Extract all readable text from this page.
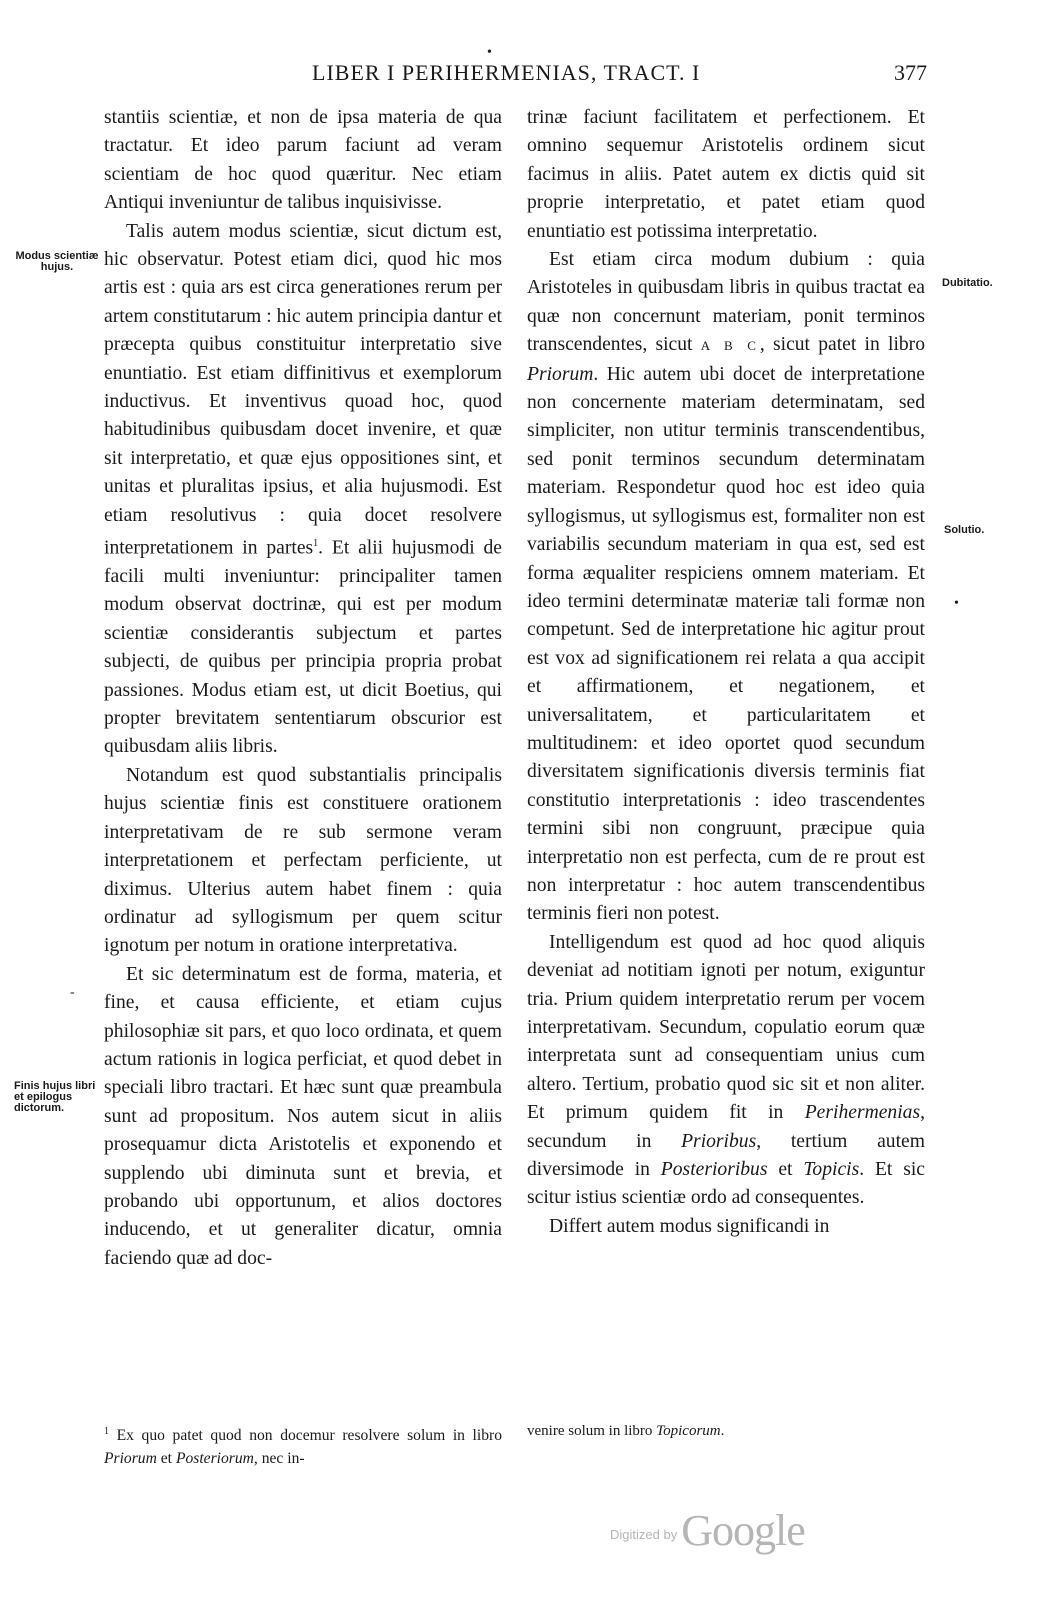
•
LIBER I PERIHERMENIAS, TRACT. I	377
Modus scientiæ hujus.
Finis hujus libri et epilogus dictorum.
Dubitatio.
Solutio.
-
•

stantiis scientiæ, et non de ipsa materia de qua tractatur. Et ideo parum faciunt ad veram scientiam de hoc quod quæritur. Nec etiam Antiqui inveniuntur de talibus inquisivisse.

Talis autem modus scientiæ, sicut dictum est, hic observatur. Potest etiam dici, quod hic mos artis est : quia ars est circa generationes rerum per artem constitutarum : hic autem principia dantur et præcepta quibus constituitur interpretatio sive enuntiatio. Est etiam diffinitivus et exemplorum inductivus. Et inventivus quoad hoc, quod habitudinibus quibusdam docet invenire, et quæ sit interpretatio, et quæ ejus oppositiones sint, et unitas et pluralitas ipsius, et alia hujusmodi. Est etiam resolutivus : quia docet resolvere interpretationem in partes$^1$. Et alii hujusmodi de facili multi inveniuntur: principaliter tamen modum observat doctrinæ, qui est per modum scientiæ considerantis subjectum et partes subjecti, de quibus per principia propria probat passiones. Modus etiam est, ut dicit Boetius, qui propter brevitatem sententiarum obscurior est quibusdam aliis libris.

Notandum est quod substantialis principalis hujus scientiæ finis est constituere orationem interpretativam de re sub sermone veram interpretationem et perfectam perficiente, ut diximus. Ulterius autem habet finem : quia ordinatur ad syllogismum per quem scitur ignotum per notum in oratione interpretativa.

Et sic determinatum est de forma, materia, et fine, et causa efficiente, et etiam cujus philosophiæ sit pars, et quo loco ordinata, et quem actum rationis in logica perficiat, et quod debet in speciali libro tractari. Et hæc sunt quæ preambula sunt ad propositum. Nos autem sicut in aliis prosequamur dicta Aristotelis et exponendo et supplendo ubi diminuta sunt et brevia, et probando ubi opportunum, et alios doctores inducendo, et ut generaliter dicatur, omnia faciendo quæ ad doc-

trinæ faciunt facilitatem et perfectionem. Et omnino sequemur Aristotelis ordinem sicut facimus in aliis. Patet autem ex dictis quid sit proprie interpretatio, et patet etiam quod enuntiatio est potissima interpretatio.

Est etiam circa modum dubium : quia Aristoteles in quibusdam libris in quibus tractat ea quæ non concernunt materiam, ponit terminos transcendentes, sicut A B C, sicut patet in libro Priorum. Hic autem ubi docet de interpretatione non concernente materiam determinatam, sed simpliciter, non utitur terminis transcendentibus, sed ponit terminos secundum determinatam materiam. Respondetur quod hoc est ideo quia syllogismus, ut syllogismus est, formaliter non est variabilis secundum materiam in qua est, sed est forma æqualiter respiciens omnem materiam. Et ideo termini determinatæ materiæ tali formæ non competunt. Sed de interpretatione hic agitur prout est vox ad significationem rei relata a qua accipit et affirmationem, et negationem, et universalitatem, et particularitatem et multitudinem: et ideo oportet quod secundum diversitatem significationis diversis terminis fiat constitutio interpretationis : ideo trascendentes termini sibi non congruunt, præcipue quia interpretatio non est perfecta, cum de re prout est non interpretatur : hoc autem transcendentibus terminis fieri non potest.

Intelligendum est quod ad hoc quod aliquis deveniat ad notitiam ignoti per notum, exiguntur tria. Prium quidem interpretatio rerum per vocem interpretativam. Secundum, copulatio eorum quæ interpretata sunt ad consequentiam unius cum altero. Tertium, probatio quod sic sit et non aliter. Et primum quidem fit in Perihermenias, secundum in Prioribus, tertium autem diversimode in Posterioribus et Topicis. Et sic scitur istius scientiæ ordo ad consequentes.

Differt autem modus significandi in

$^1$ Ex quo patet quod non docemur resolvere solum in libro Priorum et Posteriorum, nec in-
venire solum in libro Topicorum.
$^{Digitized by}$ Google
